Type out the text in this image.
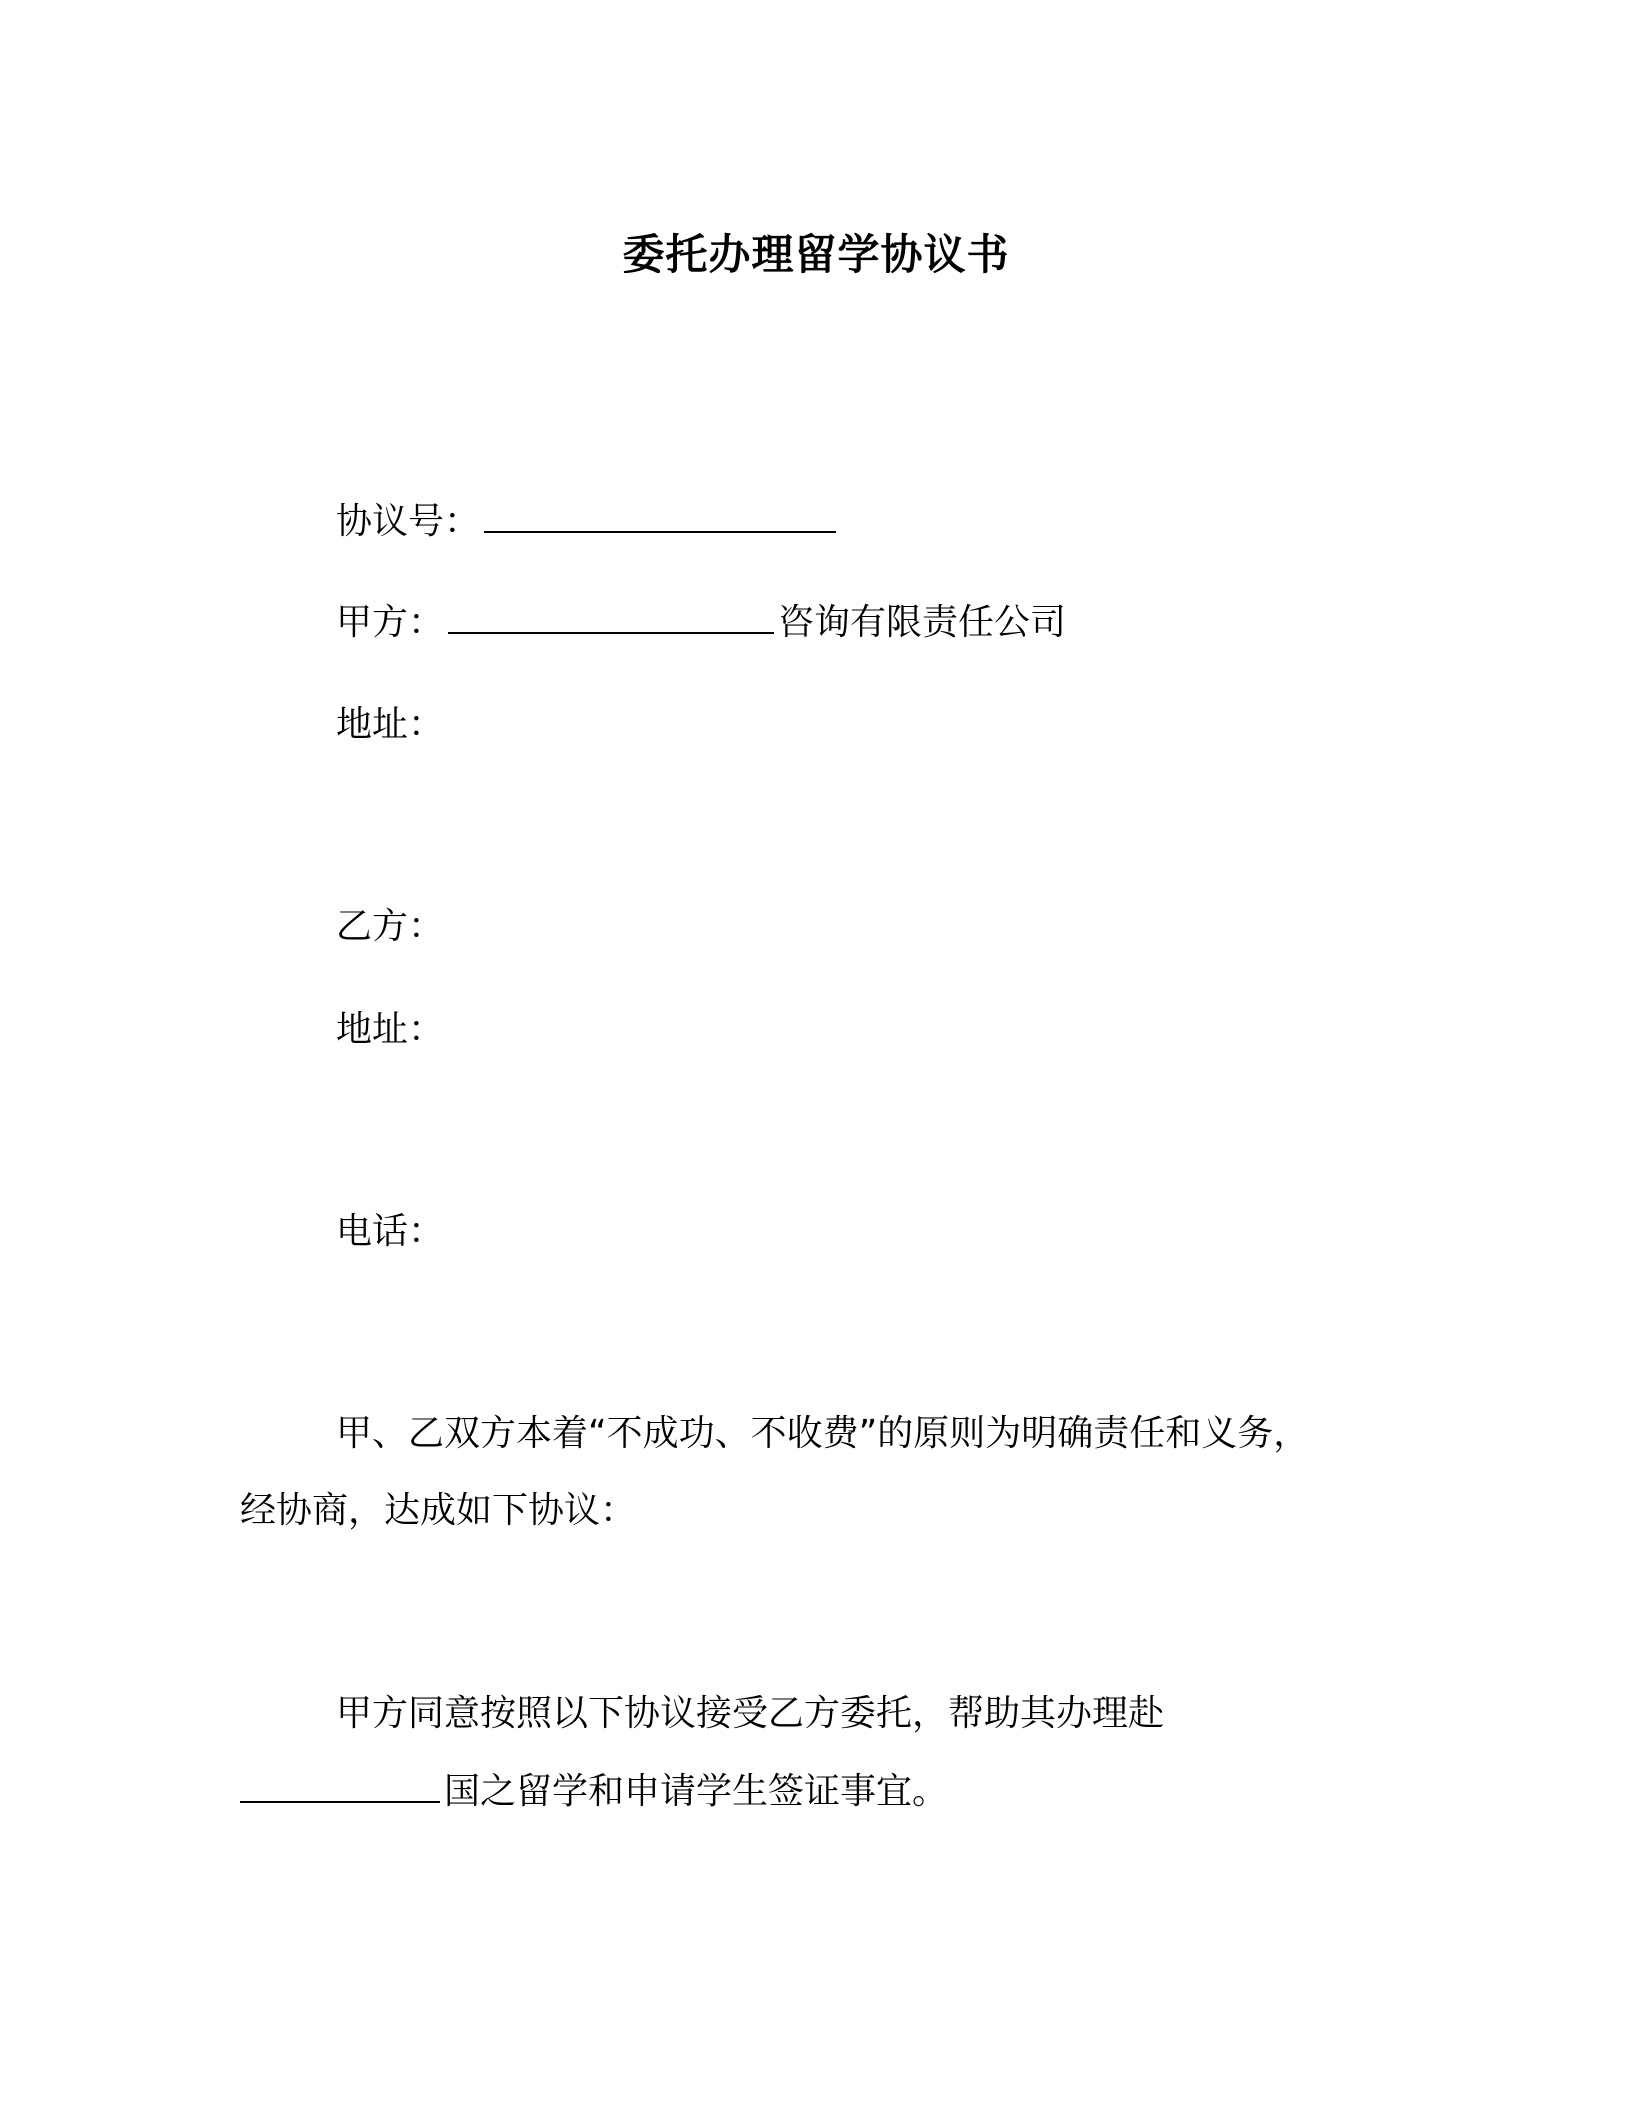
委托办理留学协议书
协议号：
甲方：	咨询有限责任公司
地址：
乙方：
地址：
电话：
甲、乙双方本着“不成功、不收费”的原则为明确责任和义务，
经协商，达成如下协议：
甲方同意按照以下协议接受乙方委托，帮助其办理赴
国之留学和申请学生签证事宜。
